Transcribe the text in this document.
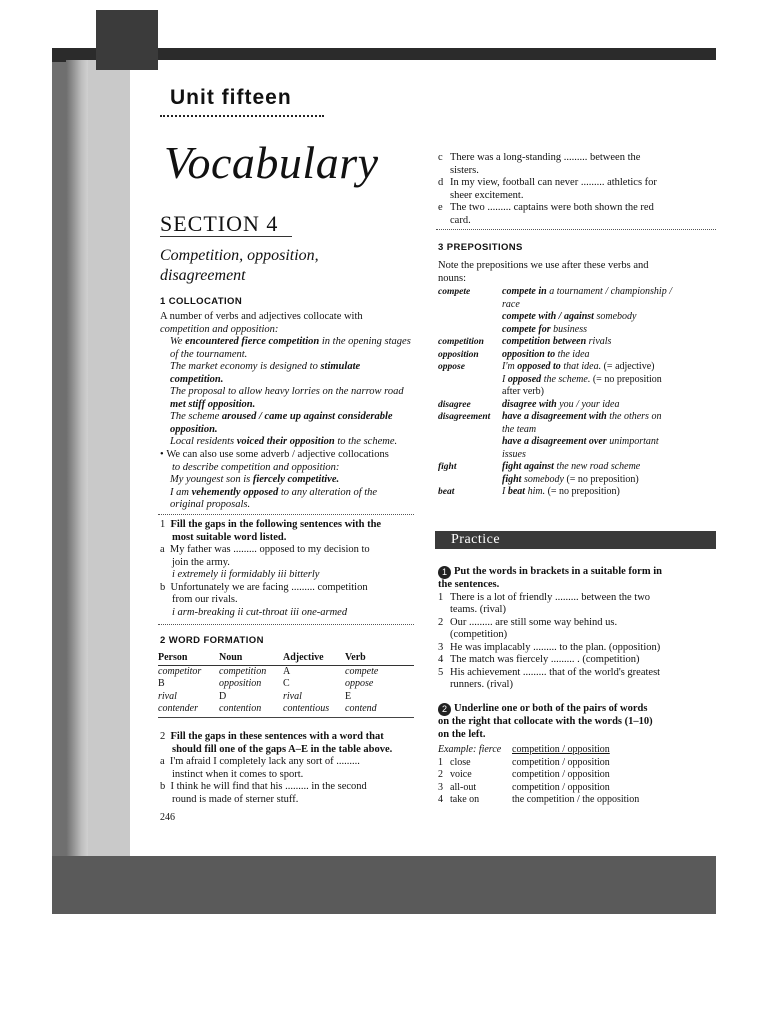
Unit fifteen
Vocabulary
SECTION 4
Competition, opposition, disagreement
1 COLLOCATION
A number of verbs and adjectives collocate with
competition and opposition:
We encountered fierce competition in the opening stages
of the tournament.
The market economy is designed to stimulate
competition.
The proposal to allow heavy lorries on the narrow road
met stiff opposition.
The scheme aroused / came up against considerable
opposition.
Local residents voiced their opposition to the scheme.
• We can also use some adverb / adjective collocations
to describe competition and opposition:
My youngest son is fiercely competitive.
I am vehemently opposed to any alteration of the
original proposals.
1 Fill the gaps in the following sentences with the
most suitable word listed.
a My father was ......... opposed to my decision to
join the army.
i extremely ii formidably iii bitterly
b Unfortunately we are facing ......... competition
from our rivals.
i arm-breaking ii cut-throat iii one-armed
2 WORD FORMATION
Person	Noun	Adjective	Verb
competitor	competition	A	compete
B	opposition	C	oppose
rival	D	rival	E
contender	contention	contentious	contend
2 Fill the gaps in these sentences with a word that
should fill one of the gaps A–E in the table above.
a I'm afraid I completely lack any sort of .........
instinct when it comes to sport.
b I think he will find that his ......... in the second
round is made of sterner stuff.
246
c There was a long-standing ......... between the
sisters.
d In my view, football can never ......... athletics for
sheer excitement.
e The two ......... captains were both shown the red
card.
3 PREPOSITIONS
Note the prepositions we use after these verbs and
nouns:
compete	compete in a tournament / championship /
race
compete with / against somebody
compete for business

competition	competition between rivals

opposition	opposition to the idea

oppose	I'm opposed to that idea. (= adjective)
I opposed the scheme. (= no preposition
after verb)

disagree	disagree with you / your idea

disagreement	have a disagreement with the others on
the team
have a disagreement over unimportant
issues

fight	fight against the new road scheme
fight somebody (= no preposition)

beat	I beat him. (= no preposition)
Practice
1 Put the words in brackets in a suitable form in
the sentences.
1 There is a lot of friendly ......... between the two
teams. (rival)
2 Our ......... are still some way behind us.
(competition)
3 He was implacably ......... to the plan. (opposition)
4 The match was fiercely ......... . (competition)
5 His achievement ......... that of the world's greatest
runners. (rival)
2 Underline one or both of the pairs of words
on the right that collocate with the words (1–10)
on the left.
Example: fierce		competition / opposition
1	close	competition / opposition
2	voice	competition / opposition
3	all-out	competition / opposition
4	take on	the competition / the opposition
